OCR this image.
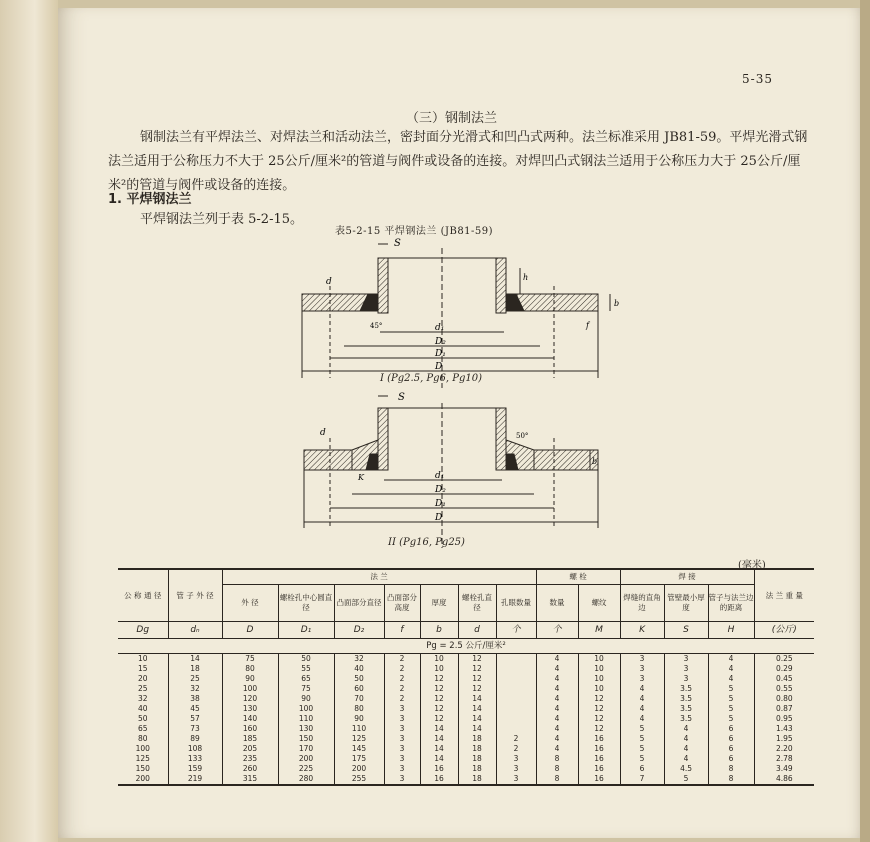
5-35
（三）钢制法兰
钢制法兰有平焊法兰、对焊法兰和活动法兰，密封面分光滑式和凹凸式两种。法兰标准采用 JB81-59。平焊光滑式钢法兰适用于公称压力不大于 25公斤/厘米²的管道与阀件或设备的连接。对焊凹凸式钢法兰适用于公称压力大于 25公斤/厘米²的管道与阀件或设备的连接。
1. 平焊钢法兰
平焊钢法兰列于表 5-2-15。
表5-2-15 平焊钢法兰 (JB81-59)
S
d	h
b
f
45°	d₁
D₂
D₁
D
S
d	50°
b
K	d₁
D₂
D₁
D
I (Pg2.5, Pg6, Pg10)
II (Pg16, Pg25)
(毫米)
公 称 通 径	管 子 外 径	法 兰							螺 栓		焊 接			法 兰 重 量
		外 径	螺栓孔中心圆直径	凸面部分直径	凸面部分高度	厚度	螺栓孔直径	孔眼数量	数量	螺纹	焊缝的直角边	管壁最小厚度	管子与法兰边的距离	
Dg	dₙ	D	D₁	D₂	f	b	d	个	个	M	K	S	H	(公斤)
Pg = 2.5 公斤/厘米²														
10	14	75	50	32	2	10	12		4	10	3	3	4	0.25
15	18	80	55	40	2	10	12		4	10	3	3	4	0.29
20	25	90	65	50	2	12	12		4	10	3	3	4	0.45
25	32	100	75	60	2	12	12		4	10	4	3.5	5	0.55
32	38	120	90	70	2	12	14		4	12	4	3.5	5	0.80
40	45	130	100	80	3	12	14		4	12	4	3.5	5	0.87
50	57	140	110	90	3	12	14		4	12	4	3.5	5	0.95
65	73	160	130	110	3	14	14		4	12	5	4	6	1.43
80	89	185	150	125	3	14	18	2	4	16	5	4	6	1.95
100	108	205	170	145	3	14	18	2	4	16	5	4	6	2.20
125	133	235	200	175	3	14	18	3	8	16	5	4	6	2.78
150	159	260	225	200	3	16	18	3	8	16	6	4.5	8	3.49
200	219	315	280	255	3	16	18	3	8	16	7	5	8	4.86
